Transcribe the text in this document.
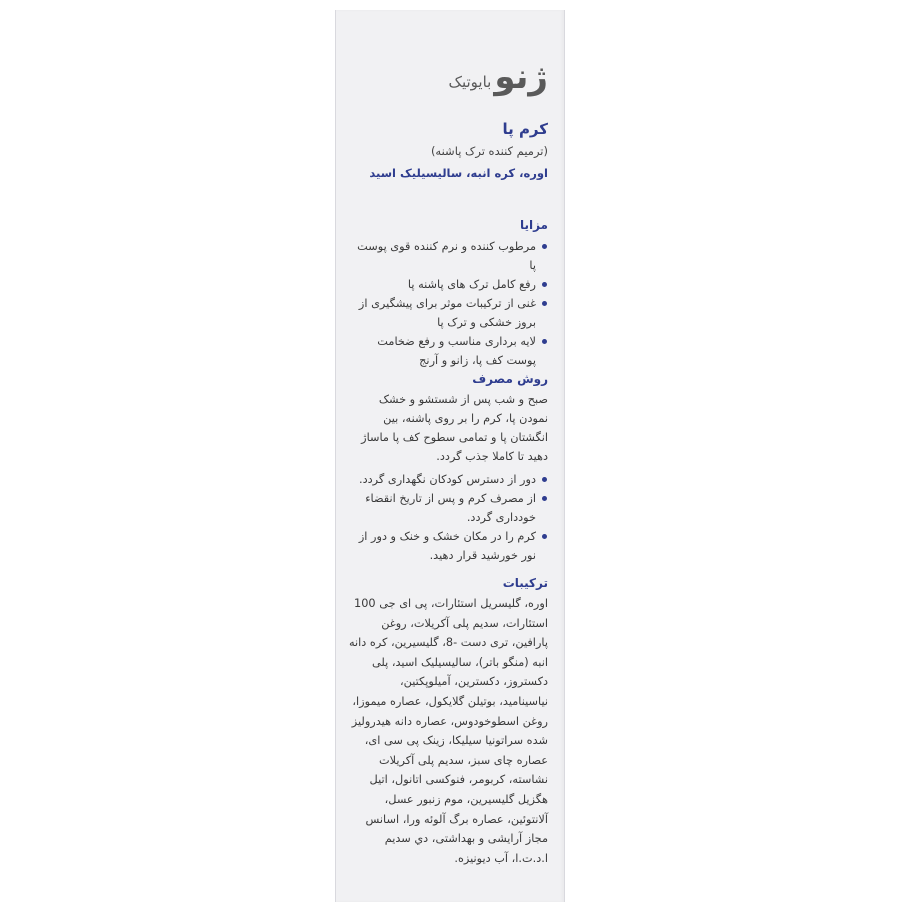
ژنو
بایوتیک
کرم پا
(ترمیم کننده ترک پاشنه)
اوره، کره انبه، سالیسیلیک اسید
مزایا
مرطوب کننده و نرم کننده قوی پوست پا
رفع کامل ترک های پاشنه پا
غنی از ترکیبات موثر برای پیشگیری از بروز خشکی و ترک پا
لایه برداری مناسب و رفع ضخامت پوست کف پا، زانو و آرنج
روش مصرف
صبح و شب پس از شستشو و خشک نمودن پا، کرم را بر روی پاشنه، بین انگشتان پا و تمامی سطوح کف پا ماساژ دهید تا کاملا جذب گردد.
دور از دسترس کودکان نگهداری گردد.
از مصرف کرم و پس از تاریخ انقضاء خودداری گردد.
کرم را در مکان خشک و خنک و دور از نور خورشید قرار دهید.
ترکیبات
اوره، گلیسریل استئارات، پی ای جی 100 استئارات، سدیم پلی آکریلات، روغن پارافین، تری دست -8، گلیسیرین، کره دانه انبه (منگو باتر)، سالیسیلیک اسید، پلی دکستروز، دکسترین، آمیلوپکتین، نیاسینامید، بوتیلن گلایکول، عصاره میموزا، روغن اسطوخودوس، عصاره دانه هیدرولیز شده سراتونیا سیلیکا، زینک پی سی ای، عصاره چای سبز، سدیم پلی آکریلات نشاسته، کربومر، فنوکسی اتانول، اتیل هگزیل گلیسیرین، موم زنبور عسل، آلانتوئین، عصاره برگ آلوئه ورا، اسانس مجاز آرایشی و بهداشتی، دي سديم ا.د.ت.ا، آب دیونیزه.
